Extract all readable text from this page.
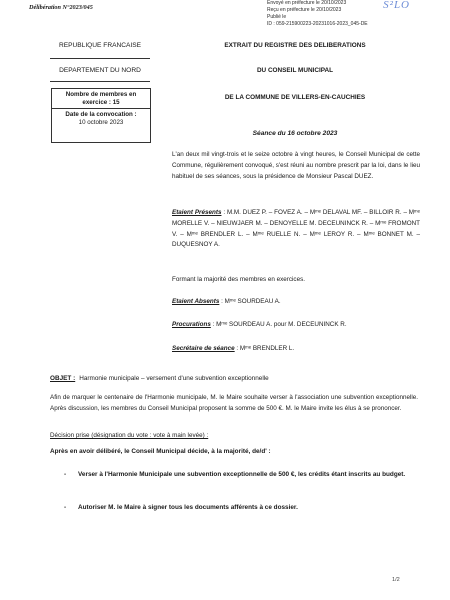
Délibération N°2023/045
Envoyé en préfecture le 20/10/2023
Reçu en préfecture le 20/10/2023
Publié le
ID : 059-215900223-20231016-2023_045-DE
S²LO
REPUBLIQUE FRANCAISE
DEPARTEMENT DU NORD
Nombre de membres en exercice : 15
Date de la convocation :
10 octobre 2023
EXTRAIT DU REGISTRE DES DELIBERATIONS
DU CONSEIL MUNICIPAL
DE LA COMMUNE DE VILLERS-EN-CAUCHIES
Séance du 16 octobre 2023
L'an deux mil vingt-trois et le seize octobre à vingt heures, le Conseil Municipal de cette Commune, régulièrement convoqué, s'est réuni au nombre prescrit par la loi, dans le lieu habituel de ses séances, sous la présidence de Monsieur Pascal DUEZ.
Etaient Présents : M.M. DUEZ P. – FOVEZ A. – Mᵐᵉ DELAVAL MF. – BILLOIR R. – Mᵐᵉ MORELLE V. – NIEUWJAER M. – DENOYELLE M. DECEUNINCK R. – Mᵐᵉ FROMONT V. – Mᵐᵉ BRENDLER L. – Mᵐᵉ RUELLE N. – Mᵐᵉ LEROY R. – Mᵐᵉ BONNET M. – DUQUESNOY A.
Formant la majorité des membres en exercices.
Etaient Absents : Mᵐᵉ SOURDEAU A.
Procurations : Mᵐᵉ SOURDEAU A. pour M. DECEUNINCK R.
Secrétaire de séance : Mᵐᵉ BRENDLER L.
OBJET : Harmonie municipale – versement d'une subvention exceptionnelle
Afin de marquer le centenaire de l'Harmonie municipale, M. le Maire souhaite verser à l'association une subvention exceptionnelle. Après discussion, les membres du Conseil Municipal proposent la somme de 500 €. M. le Maire invite les élus à se prononcer.
Décision prise (désignation du vote : vote à main levée) :
Après en avoir délibéré, le Conseil Municipal décide, à la majorité, de/d' :
- Verser à l'Harmonie Municipale une subvention exceptionnelle de 500 €, les crédits étant inscrits au budget.
- Autoriser M. le Maire à signer tous les documents afférents à ce dossier.
1/2
